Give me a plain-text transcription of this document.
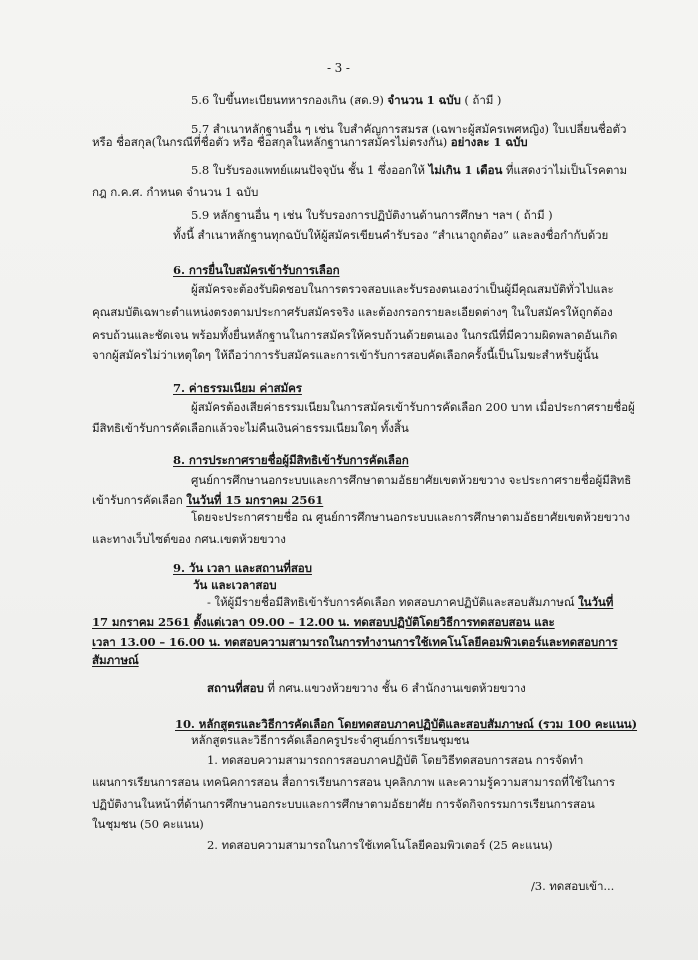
- 3 -
5.6 ใบขึ้นทะเบียนทหารกองเกิน (สด.9) จำนวน 1 ฉบับ ( ถ้ามี )
5.7 สำเนาหลักฐานอื่น ๆ เช่น ใบสำคัญการสมรส (เฉพาะผู้สมัครเพศหญิง) ใบเปลี่ยนชื่อตัว
หรือ ชื่อสกุล(ในกรณีที่ชื่อตัว หรือ ชื่อสกุลในหลักฐานการสมัครไม่ตรงกัน) อย่างละ 1 ฉบับ
5.8 ใบรับรองแพทย์แผนปัจจุบัน ชั้น 1 ซึ่งออกให้ ไม่เกิน 1 เดือน ที่แสดงว่าไม่เป็นโรคตาม
กฎ ก.ค.ศ. กำหนด จำนวน 1 ฉบับ
5.9 หลักฐานอื่น ๆ เช่น ใบรับรองการปฏิบัติงานด้านการศึกษา ฯลฯ ( ถ้ามี )
ทั้งนี้ สำเนาหลักฐานทุกฉบับให้ผู้สมัครเขียนคำรับรอง “สำเนาถูกต้อง” และลงชื่อกำกับด้วย
6. การยื่นใบสมัครเข้ารับการเลือก
ผู้สมัครจะต้องรับผิดชอบในการตรวจสอบและรับรองตนเองว่าเป็นผู้มีคุณสมบัติทั่วไปและ
คุณสมบัติเฉพาะตำแหน่งตรงตามประกาศรับสมัครจริง และต้องกรอกรายละเอียดต่างๆ ในใบสมัครให้ถูกต้อง
ครบถ้วนและชัดเจน พร้อมทั้งยื่นหลักฐานในการสมัครให้ครบถ้วนด้วยตนเอง ในกรณีที่มีความผิดพลาดอันเกิด
จากผู้สมัครไม่ว่าเหตุใดๆ ให้ถือว่าการรับสมัครและการเข้ารับการสอบคัดเลือกครั้งนี้เป็นโมฆะสำหรับผู้นั้น
7. ค่าธรรมเนียม ค่าสมัคร
ผู้สมัครต้องเสียค่าธรรมเนียมในการสมัครเข้ารับการคัดเลือก 200 บาท เมื่อประกาศรายชื่อผู้
มีสิทธิเข้ารับการคัดเลือกแล้วจะไม่คืนเงินค่าธรรมเนียมใดๆ ทั้งสิ้น
8. การประกาศรายชื่อผู้มีสิทธิเข้ารับการคัดเลือก
ศูนย์การศึกษานอกระบบและการศึกษาตามอัธยาศัยเขตห้วยขวาง จะประกาศรายชื่อผู้มีสิทธิ
เข้ารับการคัดเลือก ในวันที่ 15 มกราคม 2561
โดยจะประกาศรายชื่อ ณ ศูนย์การศึกษานอกระบบและการศึกษาตามอัธยาศัยเขตห้วยขวาง
และทางเว็บไซต์ของ กศน.เขตห้วยขวาง
9. วัน เวลา และสถานที่สอบ
วัน และเวลาสอบ
- ให้ผู้มีรายชื่อมีสิทธิเข้ารับการคัดเลือก ทดสอบภาคปฏิบัติและสอบสัมภาษณ์ ในวันที่
17 มกราคม 2561 ตั้งแต่เวลา 09.00 – 12.00 น. ทดสอบปฏิบัติโดยวิธีการทดสอบสอน และ
เวลา 13.00 – 16.00 น. ทดสอบความสามารถในการทำงานการใช้เทคโนโลยีคอมพิวเตอร์และทดสอบการ
สัมภาษณ์
สถานที่สอบ ที่ กศน.แขวงห้วยขวาง ชั้น 6 สำนักงานเขตห้วยขวาง
10. หลักสูตรและวิธีการคัดเลือก โดยทดสอบภาคปฏิบัติและสอบสัมภาษณ์ (รวม 100 คะแนน)
หลักสูตรและวิธีการคัดเลือกครูประจำศูนย์การเรียนชุมชน
1. ทดสอบความสามารถการสอบภาคปฏิบัติ โดยวิธีทดสอบการสอน การจัดทำ
แผนการเรียนการสอน เทคนิคการสอน สื่อการเรียนการสอน บุคลิกภาพ และความรู้ความสามารถที่ใช้ในการ
ปฏิบัติงานในหน้าที่ด้านการศึกษานอกระบบและการศึกษาตามอัธยาศัย การจัดกิจกรรมการเรียนการสอน
ในชุมชน (50 คะแนน)
2. ทดสอบความสามารถในการใช้เทคโนโลยีคอมพิวเตอร์ (25 คะแนน)
/3. ทดสอบเข้า...
